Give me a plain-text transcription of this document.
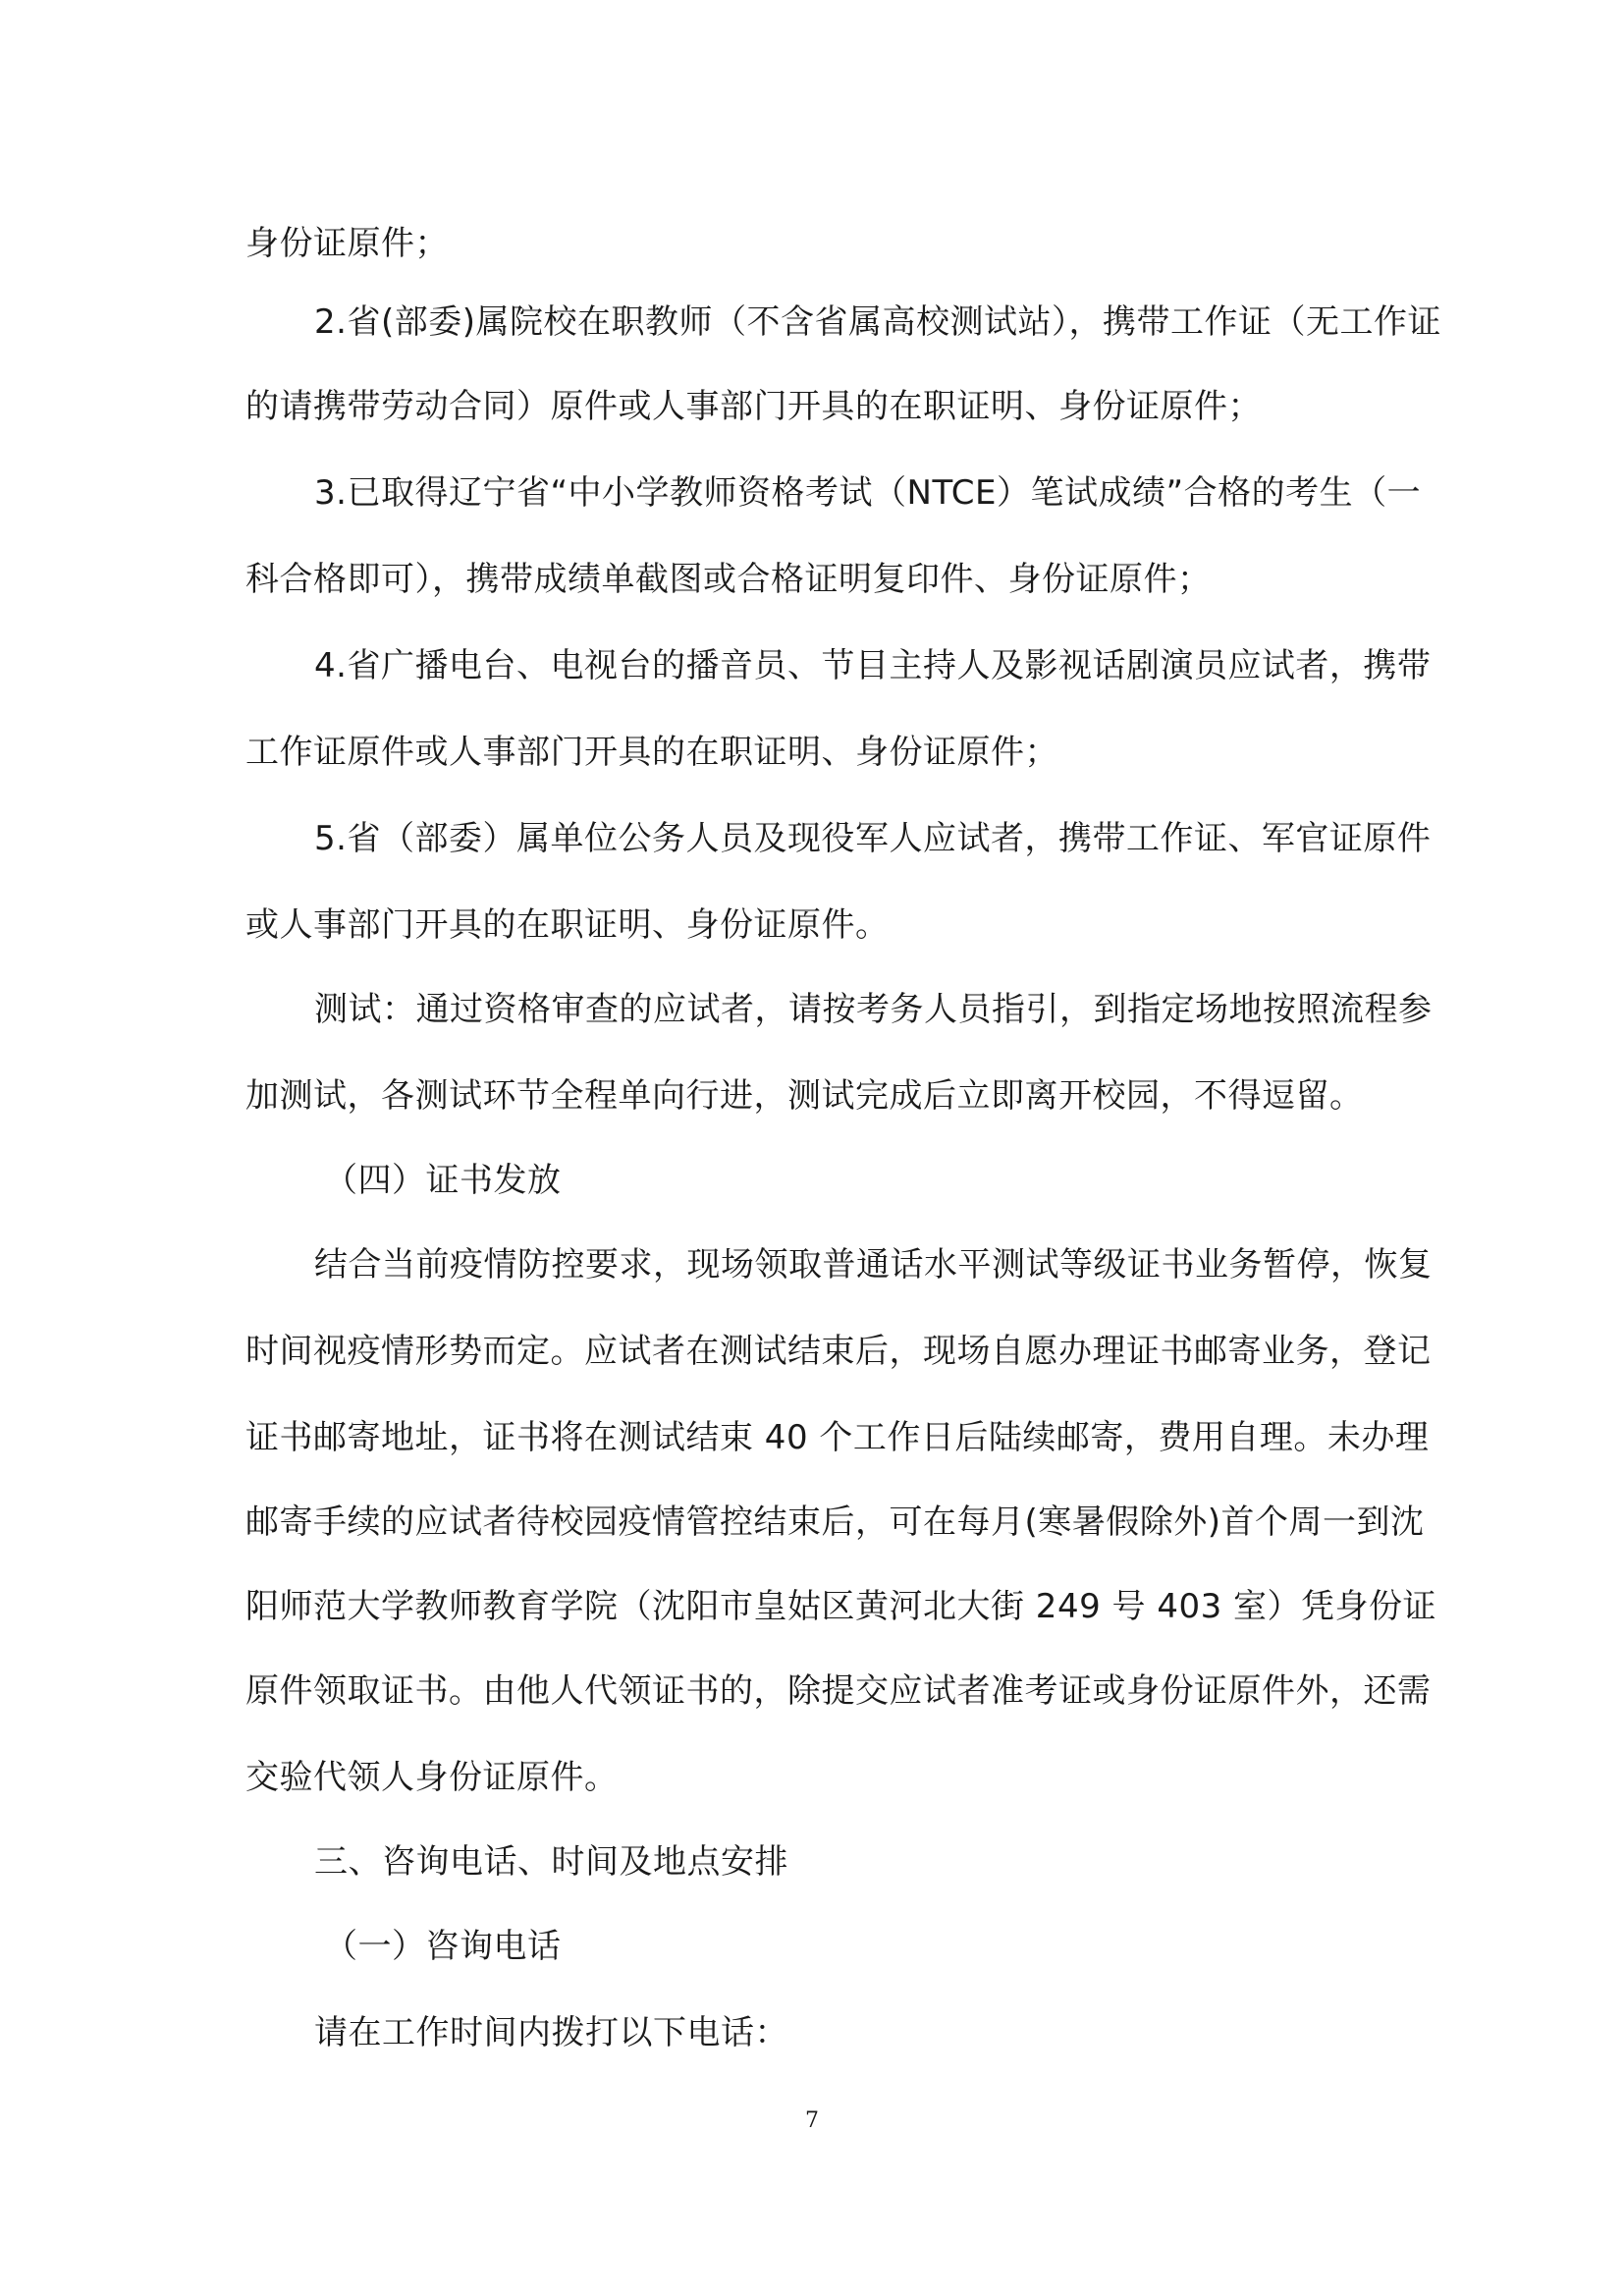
身份证原件；
2.省(部委)属院校在职教师（不含省属高校测试站），携带工作证（无工作证
的请携带劳动合同）原件或人事部门开具的在职证明、身份证原件；
3.已取得辽宁省“中小学教师资格考试（NTCE）笔试成绩”合格的考生（一
科合格即可），携带成绩单截图或合格证明复印件、身份证原件；
4.省广播电台、电视台的播音员、节目主持人及影视话剧演员应试者，携带
工作证原件或人事部门开具的在职证明、身份证原件；
5.省（部委）属单位公务人员及现役军人应试者，携带工作证、军官证原件
或人事部门开具的在职证明、身份证原件。
测试：通过资格审查的应试者，请按考务人员指引，到指定场地按照流程参
加测试，各测试环节全程单向行进，测试完成后立即离开校园，不得逗留。
（四）证书发放
结合当前疫情防控要求，现场领取普通话水平测试等级证书业务暂停，恢复
时间视疫情形势而定。应试者在测试结束后，现场自愿办理证书邮寄业务，登记
证书邮寄地址，证书将在测试结束 40 个工作日后陆续邮寄，费用自理。未办理
邮寄手续的应试者待校园疫情管控结束后，可在每月(寒暑假除外)首个周一到沈
阳师范大学教师教育学院（沈阳市皇姑区黄河北大街 249 号 403 室）凭身份证
原件领取证书。由他人代领证书的，除提交应试者准考证或身份证原件外，还需
交验代领人身份证原件。
三、咨询电话、时间及地点安排
（一）咨询电话
请在工作时间内拨打以下电话：
7
